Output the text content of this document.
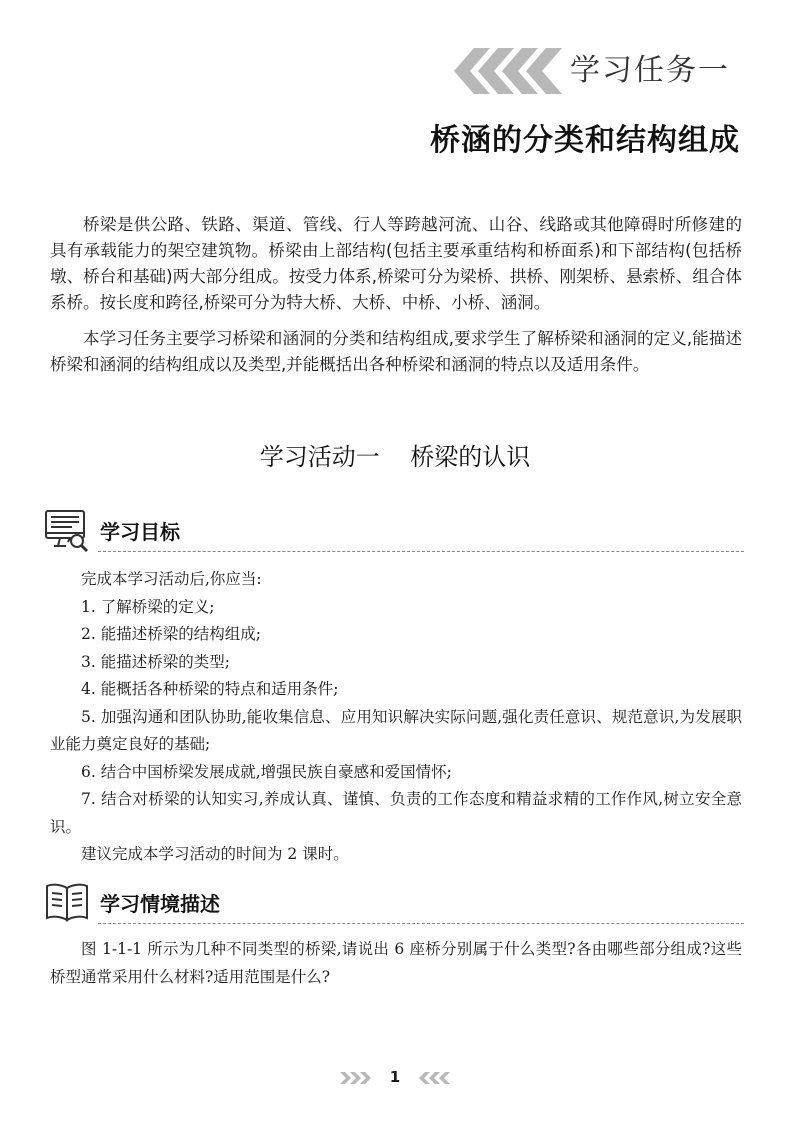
学习任务一
桥涵的分类和结构组成

桥梁是供公路、铁路、渠道、管线、行人等跨越河流、山谷、线路或其他障碍时所修建的具有承载能力的架空建筑物。桥梁由上部结构(包括主要承重结构和桥面系)和下部结构(包括桥墩、桥台和基础)两大部分组成。按受力体系,桥梁可分为梁桥、拱桥、刚架桥、悬索桥、组合体系桥。按长度和跨径,桥梁可分为特大桥、大桥、中桥、小桥、涵洞。

本学习任务主要学习桥梁和涵洞的分类和结构组成,要求学生了解桥梁和涵洞的定义,能描述桥梁和涵洞的结构组成以及类型,并能概括出各种桥梁和涵洞的特点以及适用条件。

学习活动一    桥梁的认识
学习目标
完成本学习活动后,你应当:
1. 了解桥梁的定义;
2. 能描述桥梁的结构组成;
3. 能描述桥梁的类型;
4. 能概括各种桥梁的特点和适用条件;
5. 加强沟通和团队协助,能收集信息、应用知识解决实际问题,强化责任意识、规范意识,为发展职业能力奠定良好的基础;
6. 结合中国桥梁发展成就,增强民族自豪感和爱国情怀;
7. 结合对桥梁的认知实习,养成认真、谨慎、负责的工作态度和精益求精的工作作风,树立安全意识。
建议完成本学习活动的时间为 2 课时。
学习情境描述

图 1-1-1 所示为几种不同类型的桥梁,请说出 6 座桥分别属于什么类型?各由哪些部分组成?这些桥型通常采用什么材料?适用范围是什么?

1
